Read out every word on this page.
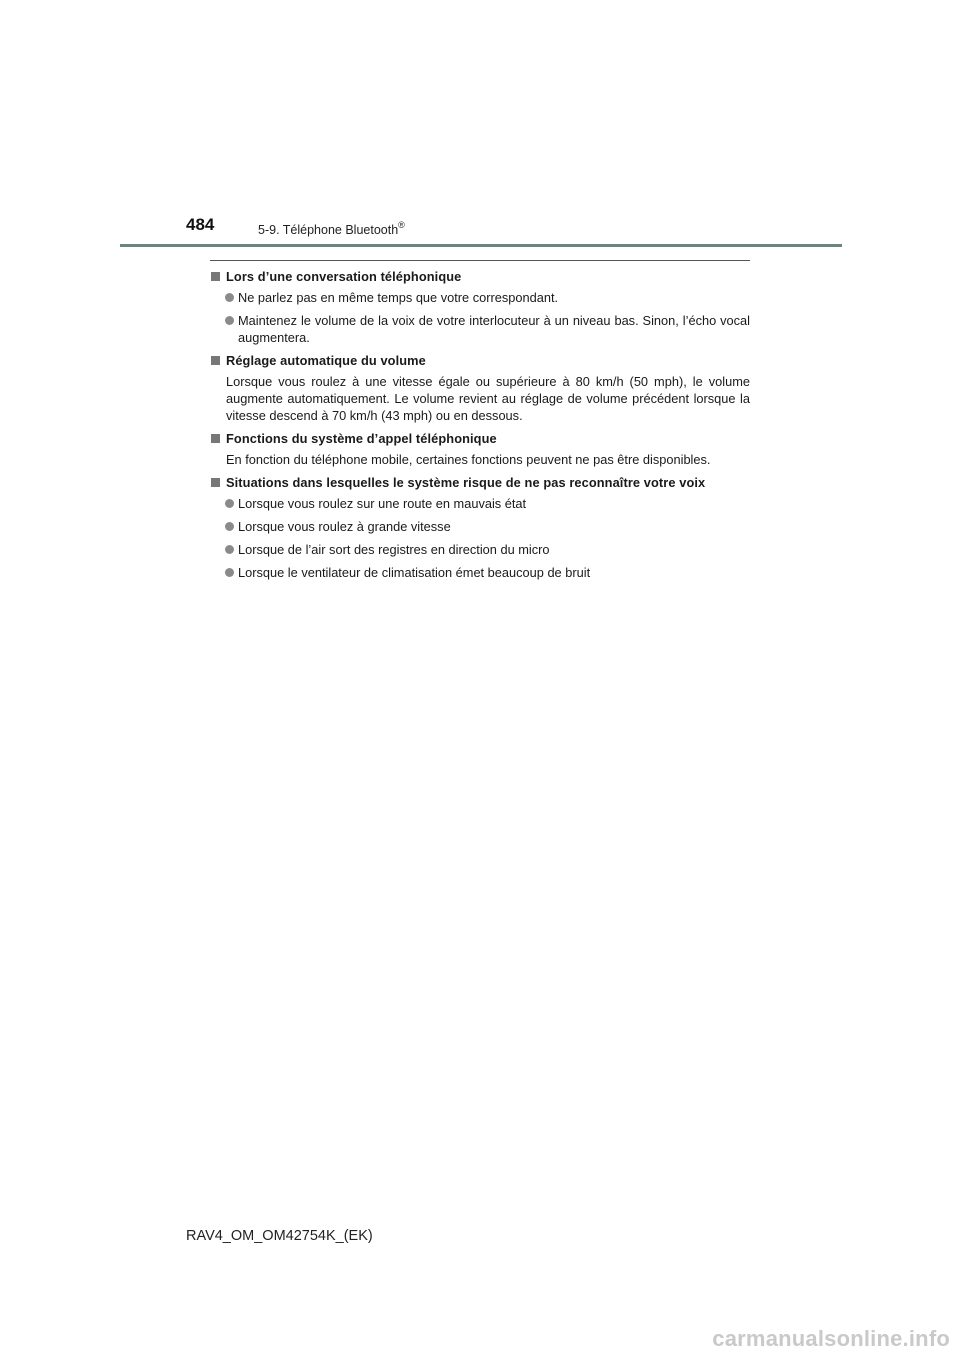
484	5-9. Téléphone Bluetooth®
Lors d’une conversation téléphonique
Ne parlez pas en même temps que votre correspondant.
Maintenez le volume de la voix de votre interlocuteur à un niveau bas. Sinon, l’écho vocal augmentera.
Réglage automatique du volume
Lorsque vous roulez à une vitesse égale ou supérieure à 80 km/h (50 mph), le volume augmente automatiquement. Le volume revient au réglage de volume précédent lorsque la vitesse descend à 70 km/h (43 mph) ou en dessous.
Fonctions du système d’appel téléphonique
En fonction du téléphone mobile, certaines fonctions peuvent ne pas être disponibles.
Situations dans lesquelles le système risque de ne pas reconnaître votre voix
Lorsque vous roulez sur une route en mauvais état
Lorsque vous roulez à grande vitesse
Lorsque de l’air sort des registres en direction du micro
Lorsque le ventilateur de climatisation émet beaucoup de bruit
RAV4_OM_OM42754K_(EK)
carmanualsonline.info
